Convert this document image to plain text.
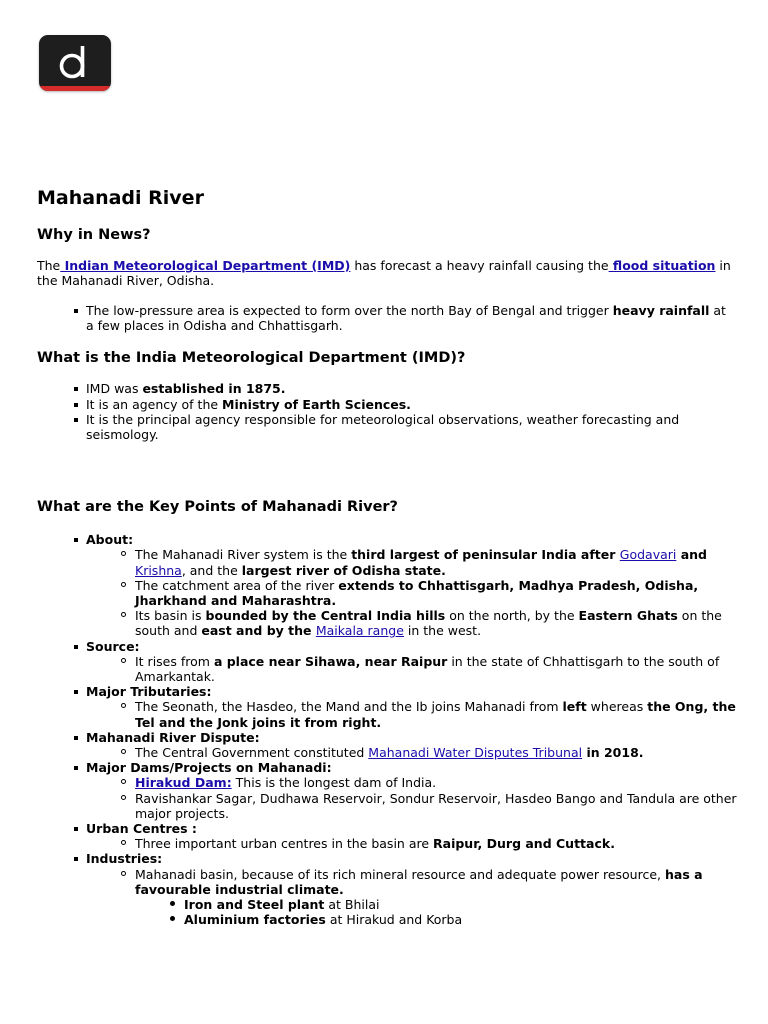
Mahanadi River
Why in News?

The Indian Meteorological Department (IMD) has forecast a heavy rainfall causing the flood situation in the Mahanadi River, Odisha.

The low-pressure area is expected to form over the north Bay of Bengal and trigger heavy rainfall at a few places in Odisha and Chhattisgarh.
What is the India Meteorological Department (IMD)?
IMD was established in 1875.
It is an agency of the Ministry of Earth Sciences.
It is the principal agency responsible for meteorological observations, weather forecasting and seismology.
What are the Key Points of Mahanadi River?
About:
The Mahanadi River system is the third largest of peninsular India after Godavari and Krishna, and the largest river of Odisha state.
The catchment area of the river extends to Chhattisgarh, Madhya Pradesh, Odisha, Jharkhand and Maharashtra.
Its basin is bounded by the Central India hills on the north, by the Eastern Ghats on the south and east and by the Maikala range in the west.
Source:
It rises from a place near Sihawa, near Raipur in the state of Chhattisgarh to the south of Amarkantak.
Major Tributaries:
The Seonath, the Hasdeo, the Mand and the Ib joins Mahanadi from left whereas the Ong, the Tel and the Jonk joins it from right.
Mahanadi River Dispute:
The Central Government constituted Mahanadi Water Disputes Tribunal in 2018.
Major Dams/Projects on Mahanadi:
Hirakud Dam: This is the longest dam of India.
Ravishankar Sagar, Dudhawa Reservoir, Sondur Reservoir, Hasdeo Bango and Tandula are other major projects.
Urban Centres :
Three important urban centres in the basin are Raipur, Durg and Cuttack.
Industries:
Mahanadi basin, because of its rich mineral resource and adequate power resource, has a favourable industrial climate.
Iron and Steel plant at Bhilai
Aluminium factories at Hirakud and Korba
